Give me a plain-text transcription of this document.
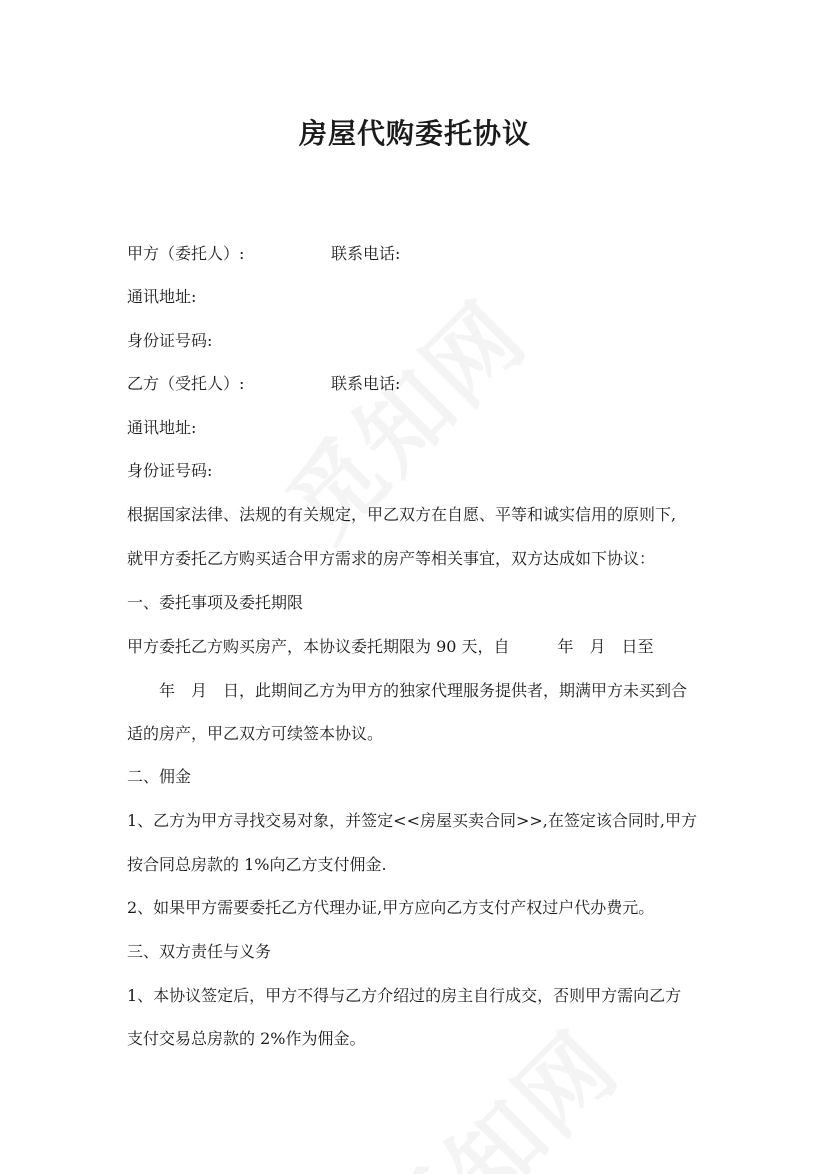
房屋代购委托协议
甲方（委托人）:	联系电话:
通讯地址:
身份证号码:
乙方（受托人）:	联系电话:
通讯地址:
身份证号码:
根据国家法律、法规的有关规定，甲乙双方在自愿、平等和诚实信用的原则下,
就甲方委托乙方购买适合甲方需求的房产等相关事宜，双方达成如下协议：
一、委托事项及委托期限
甲方委托乙方购买房产，本协议委托期限为 90 天，自　　　年　月　日至
　　年　月　日，此期间乙方为甲方的独家代理服务提供者，期满甲方未买到合
适的房产，甲乙双方可续签本协议。
二、佣金
1、乙方为甲方寻找交易对象，并签定<<房屋买卖合同>>,在签定该合同时,甲方
按合同总房款的 1%向乙方支付佣金.
2、如果甲方需要委托乙方代理办证,甲方应向乙方支付产权过户代办费元。
三、双方责任与义务
1、本协议签定后，甲方不得与乙方介绍过的房主自行成交，否则甲方需向乙方
支付交易总房款的 2%作为佣金。
